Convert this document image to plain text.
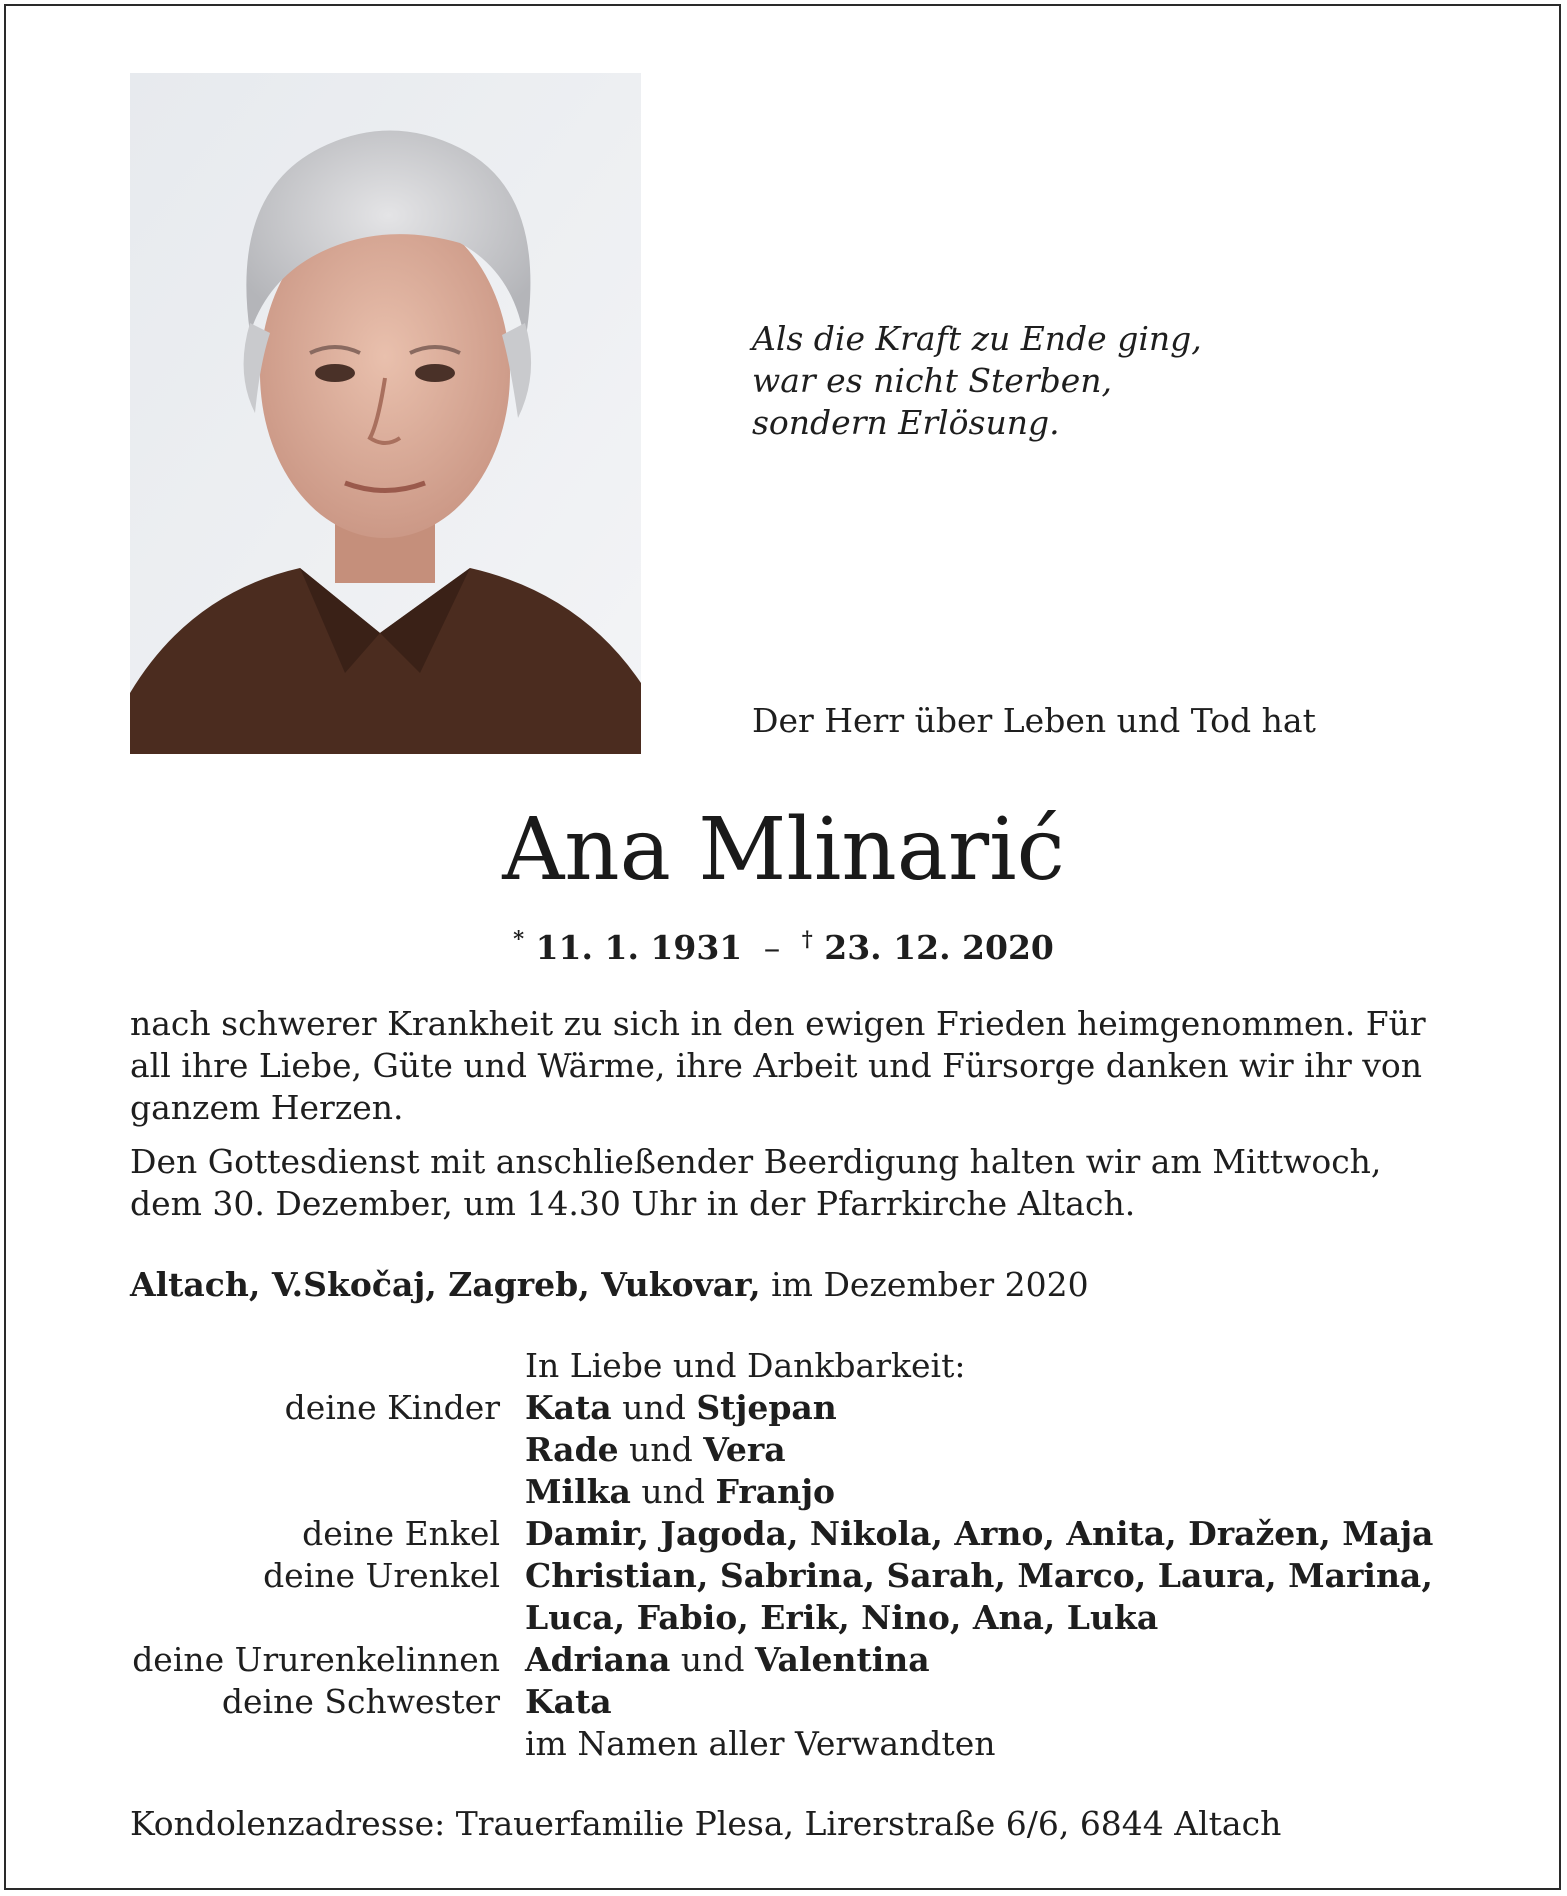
Als die Kraft zu Ende ging,
war es nicht Sterben,
sondern Erlösung.
Der Herr über Leben und Tod hat
Ana Mlinarić
* 11. 1. 1931 – † 23. 12. 2020
nach schwerer Krankheit zu sich in den ewigen Frieden heimgenommen. Für all ihre Liebe, Güte und Wärme, ihre Arbeit und Fürsorge danken wir ihr von ganzem Herzen.
Den Gottesdienst mit anschließender Beerdigung halten wir am Mittwoch, dem 30. Dezember, um 14.30 Uhr in der Pfarrkirche Altach.
Altach, V.Skočaj, Zagreb, Vukovar, im Dezember 2020
In Liebe und Dankbarkeit:
deine Kinder Kata und Stjepan
Rade und Vera
Milka und Franjo
deine Enkel Damir, Jagoda, Nikola, Arno, Anita, Dražen, Maja
deine Urenkel Christian, Sabrina, Sarah, Marco, Laura, Marina,
Luca, Fabio, Erik, Nino, Ana, Luka
deine Ururenkelinnen Adriana und Valentina
deine Schwester Kata
im Namen aller Verwandten
Kondolenzadresse: Trauerfamilie Plesa, Lirerstraße 6/6, 6844 Altach
